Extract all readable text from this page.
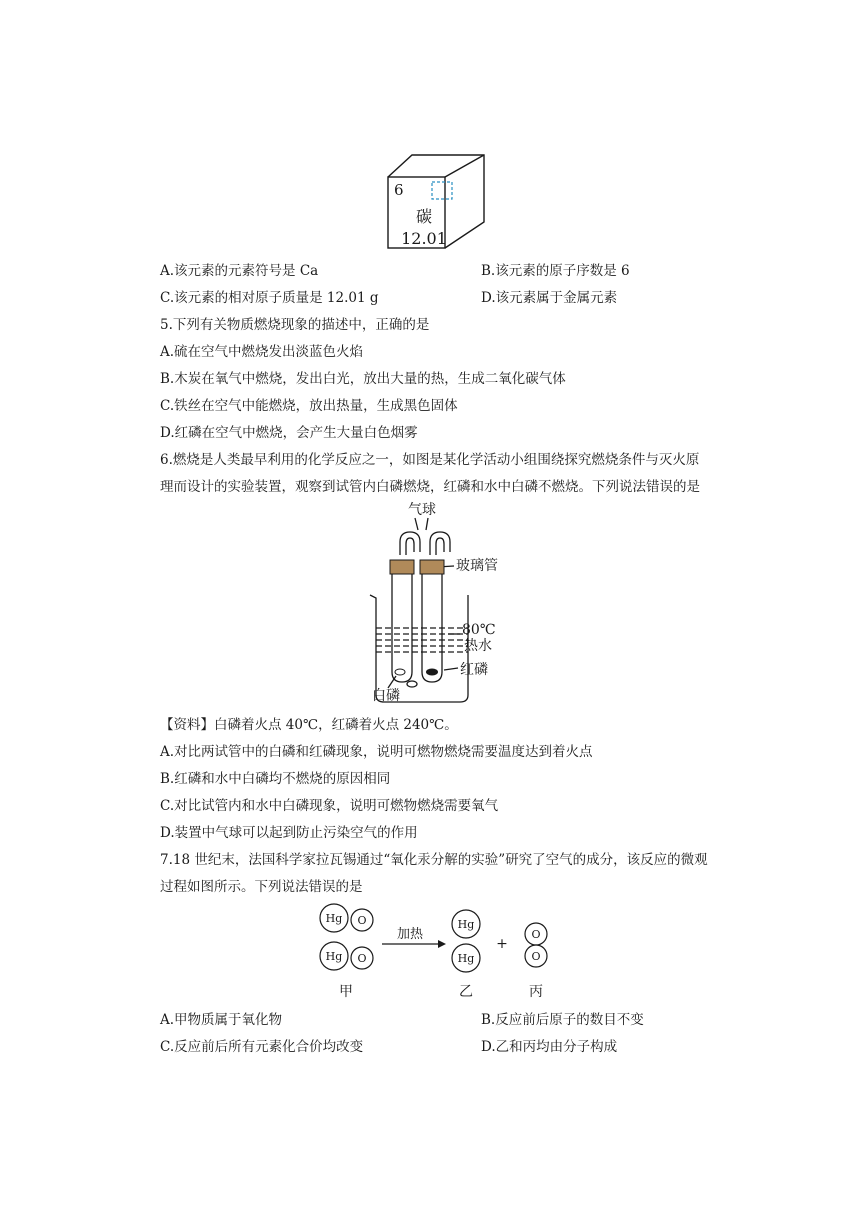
6
碳
12.01
A.该元素的元素符号是 Ca	B.该元素的原子序数是 6
C.该元素的相对原子质量是 12.01 g	D.该元素属于金属元素
5.下列有关物质燃烧现象的描述中，正确的是
A.硫在空气中燃烧发出淡蓝色火焰
B.木炭在氧气中燃烧，发出白光，放出大量的热，生成二氧化碳气体
C.铁丝在空气中能燃烧，放出热量，生成黑色固体
D.红磷在空气中燃烧，会产生大量白色烟雾
6.燃烧是人类最早利用的化学反应之一，如图是某化学活动小组围绕探究燃烧条件与灭火原
理而设计的实验装置，观察到试管内白磷燃烧，红磷和水中白磷不燃烧。下列说法错误的是
气球
玻璃管
80℃
热水
红磷
白磷
【资料】白磷着火点 40℃，红磷着火点 240℃。
A.对比两试管中的白磷和红磷现象，说明可燃物燃烧需要温度达到着火点
B.红磷和水中白磷均不燃烧的原因相同
C.对比试管内和水中白磷现象，说明可燃物燃烧需要氧气
D.装置中气球可以起到防止污染空气的作用
7.18 世纪末，法国科学家拉瓦锡通过“氧化汞分解的实验”研究了空气的成分，该反应的微观
过程如图所示。下列说法错误的是
Hg O
Hg O
Hg
Hg
O
O
加热
+
甲	乙	丙
A.甲物质属于氧化物	B.反应前后原子的数目不变
C.反应前后所有元素化合价均改变	D.乙和丙均由分子构成
